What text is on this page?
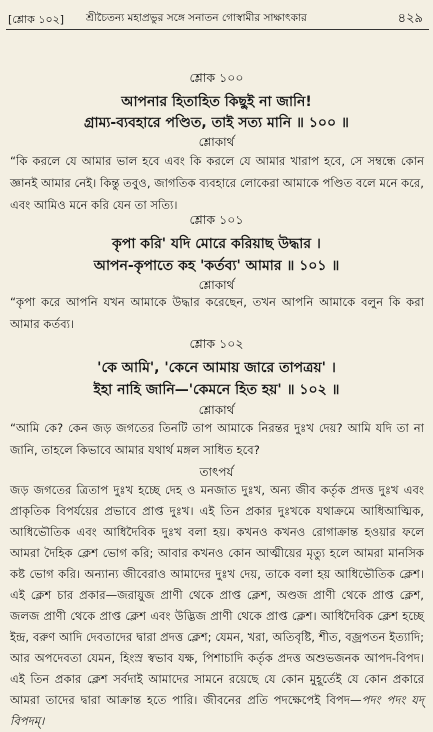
[শ্লোক ১০২] শ্রীচৈতন্য মহাপ্রভুর সঙ্গে সনাতন গোস্বামীর সাক্ষাৎকার	৪২৯
শ্লোক ১০০
আপনার হিতাহিত কিছুই না জানি!
গ্রাম্য-ব্যবহারে পণ্ডিত, তাই সত্য মানি ॥ ১০০ ॥
শ্লোকার্থ
“কি করলে যে আমার ভাল হবে এবং কি করলে যে আমার খারাপ হবে, সে সম্বন্ধে কোন জ্ঞানই আমার নেই। কিন্তু তবুও, জাগতিক ব্যবহারে লোকেরা আমাকে পণ্ডিত বলে মনে করে, এবং আমিও মনে করি যেন তা সত্যি।
শ্লোক ১০১
কৃপা করি' যদি মোরে করিয়াছ উদ্ধার ।
আপন-কৃপাতে কহ 'কর্তব্য' আমার ॥ ১০১ ॥
শ্লোকার্থ
“কৃপা করে আপনি যখন আমাকে উদ্ধার করেছেন, তখন আপনি আমাকে বলুন কি করা আমার কর্তব্য।
শ্লোক ১০২
'কে আমি', 'কেনে আমায় জারে তাপত্রয়' ।
ইহা নাহি জানি—'কেমনে হিত হয়' ॥ ১০২ ॥
শ্লোকার্থ
“আমি কে? কেন জড় জগতের তিনটি তাপ আমাকে নিরন্তর দুঃখ দেয়? আমি যদি তা না জানি, তাহলে কিভাবে আমার যথার্থ মঙ্গল সাধিত হবে?
তাৎপর্য
জড় জগতের ত্রিতাপ দুঃখ হচ্ছে দেহ ও মনজাত দুঃখ, অন্য জীব কর্তৃক প্রদত্ত দুঃখ এবং প্রাকৃতিক বিপর্যয়ের প্রভাবে প্রাপ্ত দুঃখ। এই তিন প্রকার দুঃখকে যথাক্রমে আধিআত্মিক, আধিভৌতিক এবং আধিদৈবিক দুঃখ বলা হয়। কখনও কখনও রোগাক্রান্ত হওয়ার ফলে আমরা দৈহিক ক্লেশ ভোগ করি; আবার কখনও কোন আত্মীয়ের মৃত্যু হলে আমরা মানসিক কষ্ট ভোগ করি। অন্যান্য জীবেরাও আমাদের দুঃখ দেয়, তাকে বলা হয় আধিভৌতিক ক্লেশ। এই ক্লেশ চার প্রকার—জরায়ুজ প্রাণী থেকে প্রাপ্ত ক্লেশ, অণ্ডজ প্রাণী থেকে প্রাপ্ত ক্লেশ, জলজ প্রাণী থেকে প্রাপ্ত ক্লেশ এবং উদ্ভিজ প্রাণী থেকে প্রাপ্ত ক্লেশ। আধিদৈবিক ক্লেশ হচ্ছে ইন্দ্র, বরুণ আদি দেবতাদের দ্বারা প্রদত্ত ক্লেশ; যেমন, খরা, অতিবৃষ্টি, শীত, বজ্রপতন ইত্যাদি; আর অপদেবতা যেমন, হিংস্র স্বভাব যক্ষ, পিশাচাদি কর্তৃক প্রদত্ত অশুভজনক আপদ-বিপদ। এই তিন প্রকার ক্লেশ সর্বদাই আমাদের সামনে রয়েছে যে কোন মুহূর্তেই যে কোন প্রকারে আমরা তাদের দ্বারা আক্রান্ত হতে পারি। জীবনের প্রতি পদক্ষেপেই বিপদ—পদং পদং যদ্ বিপদম্।
